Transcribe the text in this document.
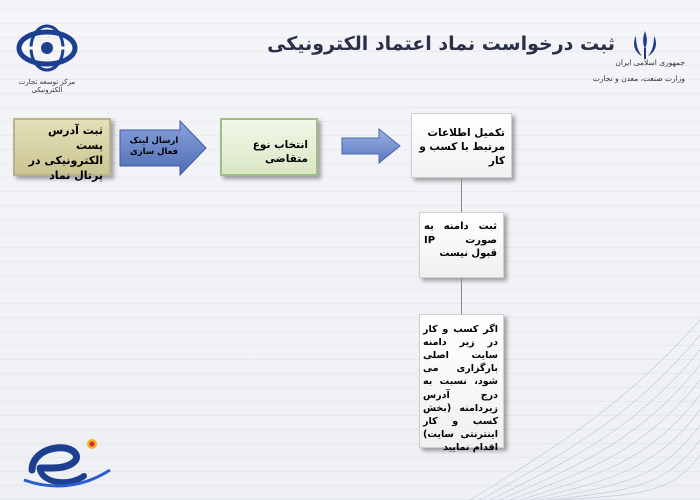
ثبت درخواست نماد اعتماد الکترونیکی
مرکز توسعه تجارت الکترونیکی
جمهوری اسلامی ایران
وزارت صنعت، معدن و تجارت
ثبت آدرس پست الکترونیکی در پرتال نماد
ارسال لینک فعال سازی
انتخاب نوع متقاضی
تکمیل اطلاعات مرتبط با کسب و کار
ثبت دامنه به صورت IP قبول نیست
اگر کسب و کار در زیر دامنه سایت اصلی بارگزاری می شود، نسبت به درج آدرس زیردامنه (بخش کسب و کار اینترنتی سایت) اقدام نمایید
